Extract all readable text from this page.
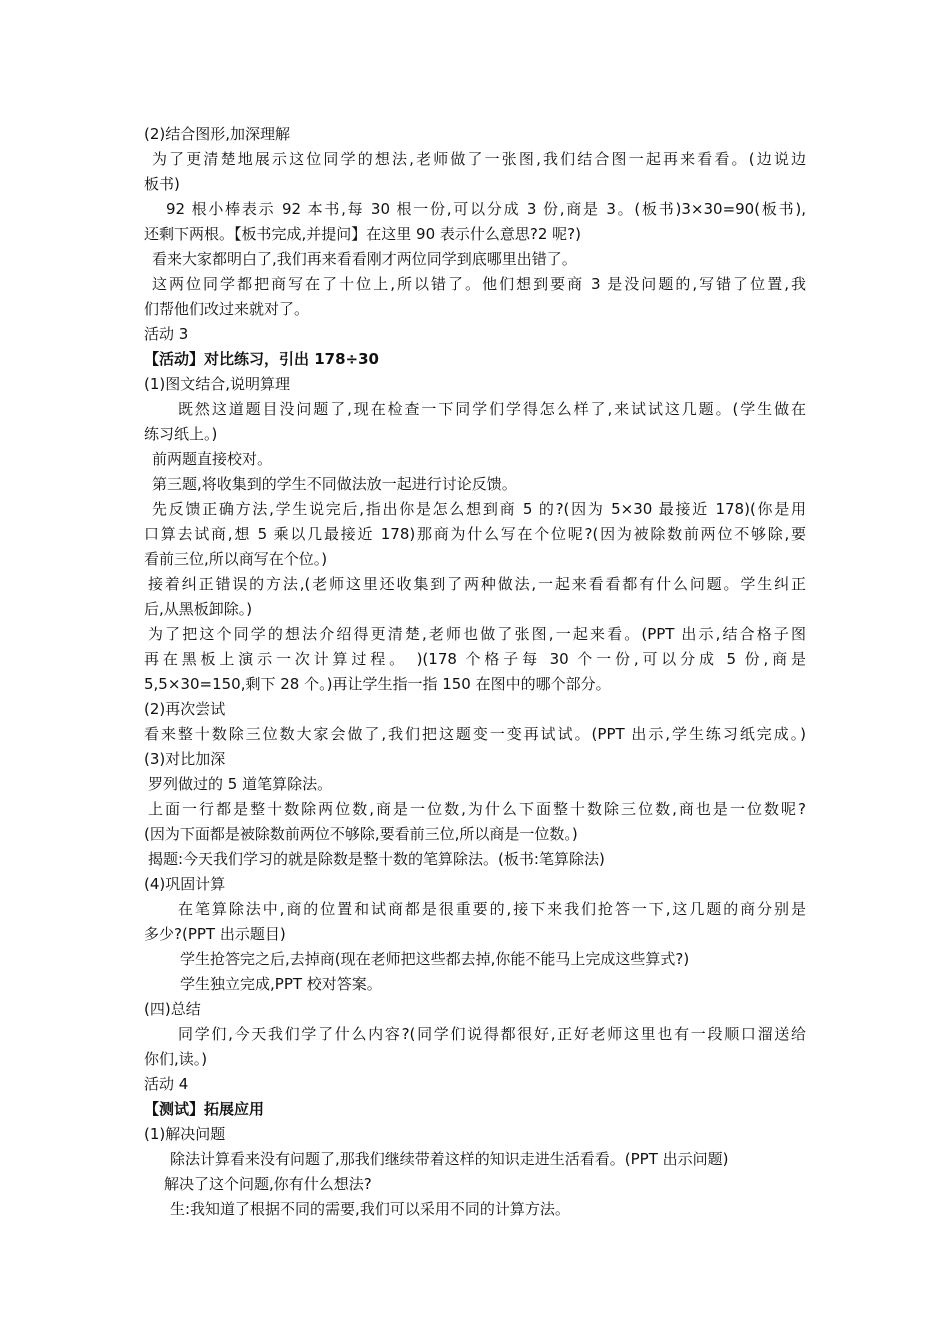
(2)结合图形,加深理解
为了更清楚地展示这位同学的想法,老师做了一张图,我们结合图一起再来看看。(边说边
板书)
92 根小棒表示 92 本书,每 30 根一份,可以分成 3 份,商是 3。(板书)3×30=90(板书),
还剩下两根。【板书完成,并提问】在这里 90 表示什么意思?2 呢?)
看来大家都明白了,我们再来看看刚才两位同学到底哪里出错了。
这两位同学都把商写在了十位上,所以错了。他们想到要商 3 是没问题的,写错了位置,我
们帮他们改过来就对了。
活动 3
【活动】对比练习，引出 178÷30
(1)图文结合,说明算理
既然这道题目没问题了,现在检查一下同学们学得怎么样了,来试试这几题。(学生做在
练习纸上。)
前两题直接校对。
第三题,将收集到的学生不同做法放一起进行讨论反馈。
先反馈正确方法,学生说完后,指出你是怎么想到商 5 的?(因为 5×30 最接近 178)(你是用
口算去试商,想 5 乘以几最接近 178)那商为什么写在个位呢?(因为被除数前两位不够除,要
看前三位,所以商写在个位。)
接着纠正错误的方法,(老师这里还收集到了两种做法,一起来看看都有什么问题。学生纠正
后,从黑板卸除。)
为了把这个同学的想法介绍得更清楚,老师也做了张图,一起来看。(PPT 出示,结合格子图
再在黑板上演示一次计算过程。 )(178 个格子每 30 个一份,可以分成 5 份,商是
5,5×30=150,剩下 28 个。)再让学生指一指 150 在图中的哪个部分。
(2)再次尝试
看来整十数除三位数大家会做了,我们把这题变一变再试试。(PPT 出示,学生练习纸完成。)
(3)对比加深
罗列做过的 5 道笔算除法。
上面一行都是整十数除两位数,商是一位数,为什么下面整十数除三位数,商也是一位数呢?
(因为下面都是被除数前两位不够除,要看前三位,所以商是一位数。)
揭题:今天我们学习的就是除数是整十数的笔算除法。(板书:笔算除法)
(4)巩固计算
在笔算除法中,商的位置和试商都是很重要的,接下来我们抢答一下,这几题的商分别是
多少?(PPT 出示题目)
学生抢答完之后,去掉商(现在老师把这些都去掉,你能不能马上完成这些算式?)
学生独立完成,PPT 校对答案。
(四)总结
同学们,今天我们学了什么内容?(同学们说得都很好,正好老师这里也有一段顺口溜送给
你们,读。)
活动 4
【测试】拓展应用
(1)解决问题
除法计算看来没有问题了,那我们继续带着这样的知识走进生活看看。(PPT 出示问题)
解决了这个问题,你有什么想法?
生:我知道了根据不同的需要,我们可以采用不同的计算方法。
